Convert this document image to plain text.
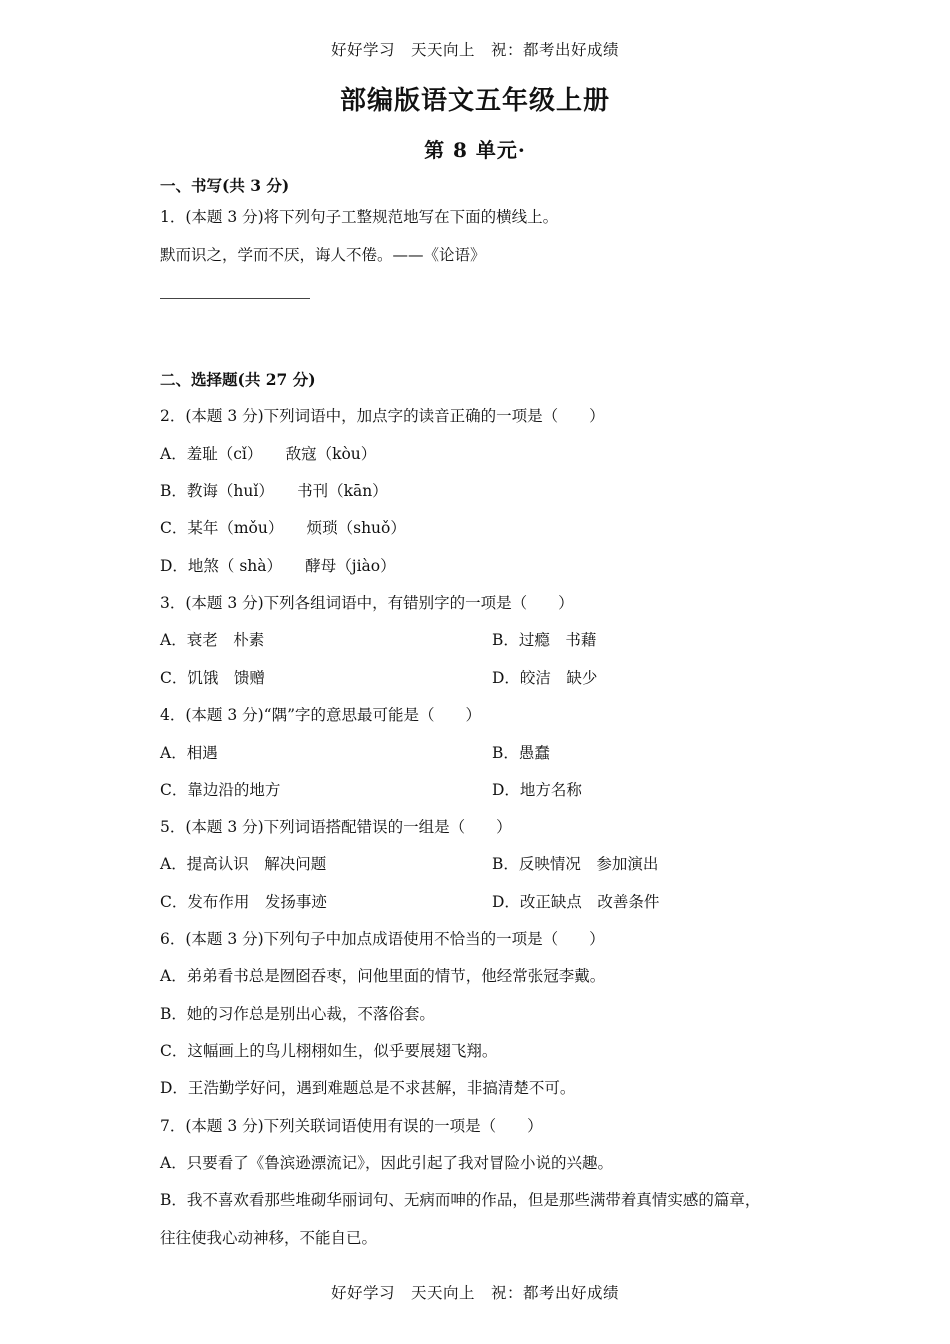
好好学习　天天向上　祝：都考出好成绩
部编版语文五年级上册
第 8 单元·
一、书写(共 3 分)
1．(本题 3 分)将下列句子工整规范地写在下面的横线上。
默而识之，学而不厌，诲人不倦。——《论语》
二、选择题(共 27 分)
2．(本题 3 分)下列词语中，加点字的读音正确的一项是（　　）
A．羞耻（cǐ）　　敌寇（kòu）
B．教诲（huǐ）　　书刊（kān）
C．某年（mǒu）　　烦琐（shuǒ）
D．地煞（ shà）　　酵母（jiào）
3．(本题 3 分)下列各组词语中，有错别字的一项是（　　）
A．衰老　朴素	B．过瘾　书藉
C．饥饿　馈赠	D．皎洁　缺少
4．(本题 3 分)“隅”字的意思最可能是（　　）
A．相遇	B．愚蠢
C．靠边沿的地方	D．地方名称
5．(本题 3 分)下列词语搭配错误的一组是（　　）
A．提高认识　解决问题	B．反映情况　参加演出
C．发布作用　发扬事迹	D．改正缺点　改善条件
6．(本题 3 分)下列句子中加点成语使用不恰当的一项是（　　）
A．弟弟看书总是囫囵吞枣，问他里面的情节，他经常张冠李戴。
B．她的习作总是别出心裁，不落俗套。
C．这幅画上的鸟儿栩栩如生，似乎要展翅飞翔。
D．王浩勤学好问，遇到难题总是不求甚解，非搞清楚不可。
7．(本题 3 分)下列关联词语使用有误的一项是（　　）
A．只要看了《鲁滨逊漂流记》，因此引起了我对冒险小说的兴趣。
B．我不喜欢看那些堆砌华丽词句、无病而呻的作品，但是那些满带着真情实感的篇章，
往往使我心动神移，不能自已。
好好学习　天天向上　祝：都考出好成绩
